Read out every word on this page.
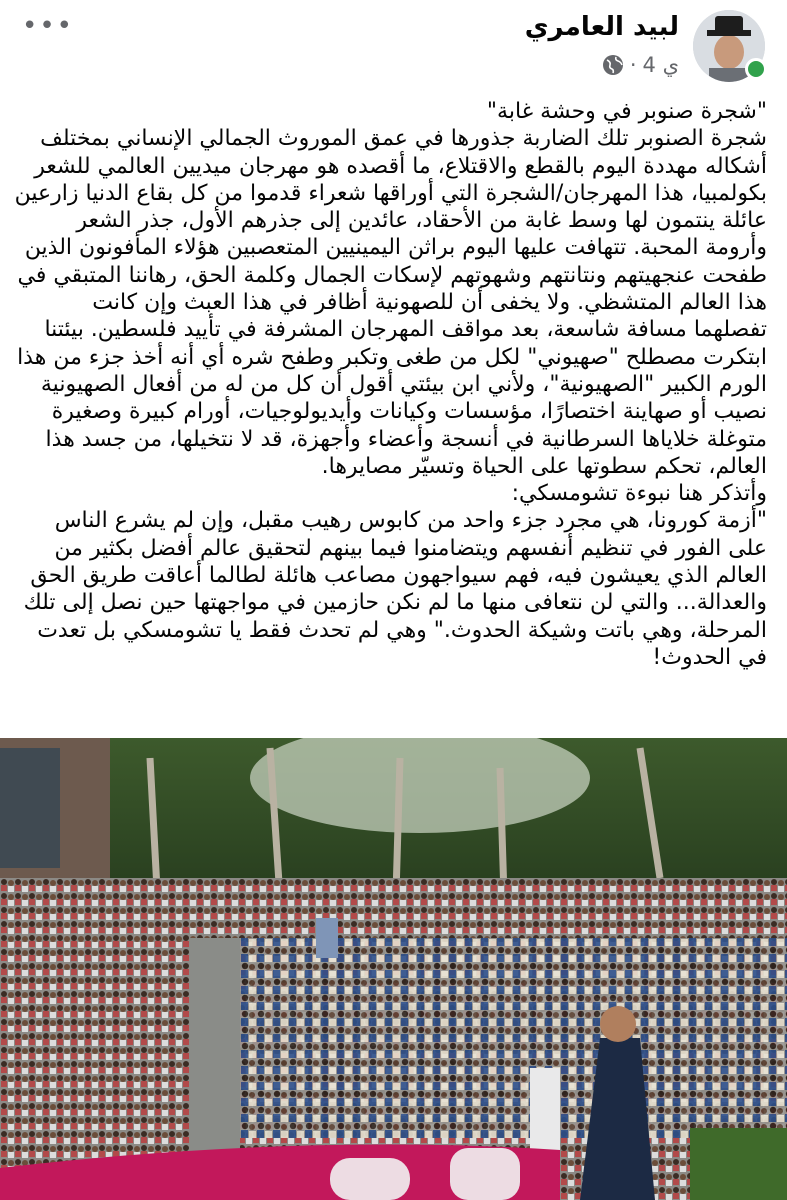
لبيد العامري
4 ي
·
•••

"شجرة صنوبر في وحشة غابة"
شجرة الصنوبر تلك الضاربة جذورها في عمق الموروث الجمالي الإنساني بمختلف أشكاله مهددة اليوم بالقطع والاقتلاع، ما أقصده هو مهرجان ميديين العالمي للشعر بكولمبيا، هذا المهرجان/الشجرة التي أوراقها شعراء قدموا من كل بقاع الدنيا زارعين عائلة ينتمون لها وسط غابة من الأحقاد، عائدين إلى جذرهم الأول، جذر الشعر وأرومة المحبة. تتهافت عليها اليوم براثن اليمينيين المتعصبين هؤلاء المأفونون الذين طفحت عنجهيتهم ونتانتهم وشهوتهم لإسكات الجمال وكلمة الحق، رهاننا المتبقي في هذا العالم المتشظي. ولا يخفى أن للصهونية أظافر في هذا العبث وإن كانت تفصلهما مسافة شاسعة، بعد مواقف المهرجان المشرفة في تأييد فلسطين. بيئتنا ابتكرت مصطلح "صهيوني" لكل من طغى وتكبر وطفح شره أي أنه أخذ جزء من هذا الورم الكبير "الصهيونية"، ولأني ابن بيئتي أقول أن كل من له من أفعال الصهيونية نصيب أو صهاينة اختصارًا، مؤسسات وكيانات وأيديولوجيات، أورام كبيرة وصغيرة متوغلة خلاياها السرطانية في أنسجة وأعضاء وأجهزة، قد لا نتخيلها، من جسد هذا العالم، تحكم سطوتها على الحياة وتسيّر مصايرها.
وأتذكر هنا نبوءة تشومسكي:
"أزمة كورونا، هي مجرد جزء واحد من كابوس رهيب مقبل، وإن لم يشرع الناس على الفور في تنظيم أنفسهم ويتضامنوا فيما بينهم لتحقيق عالم أفضل بكثير من العالم الذي يعيشون فيه، فهم سيواجهون مصاعب هائلة لطالما أعاقت طريق الحق والعدالة... والتي لن نتعافى منها ما لم نكن حازمين في مواجهتها حين نصل إلى تلك المرحلة، وهي باتت وشيكة الحدوث." وهي لم تحدث فقط يا تشومسكي بل تعدت في الحدوث!
